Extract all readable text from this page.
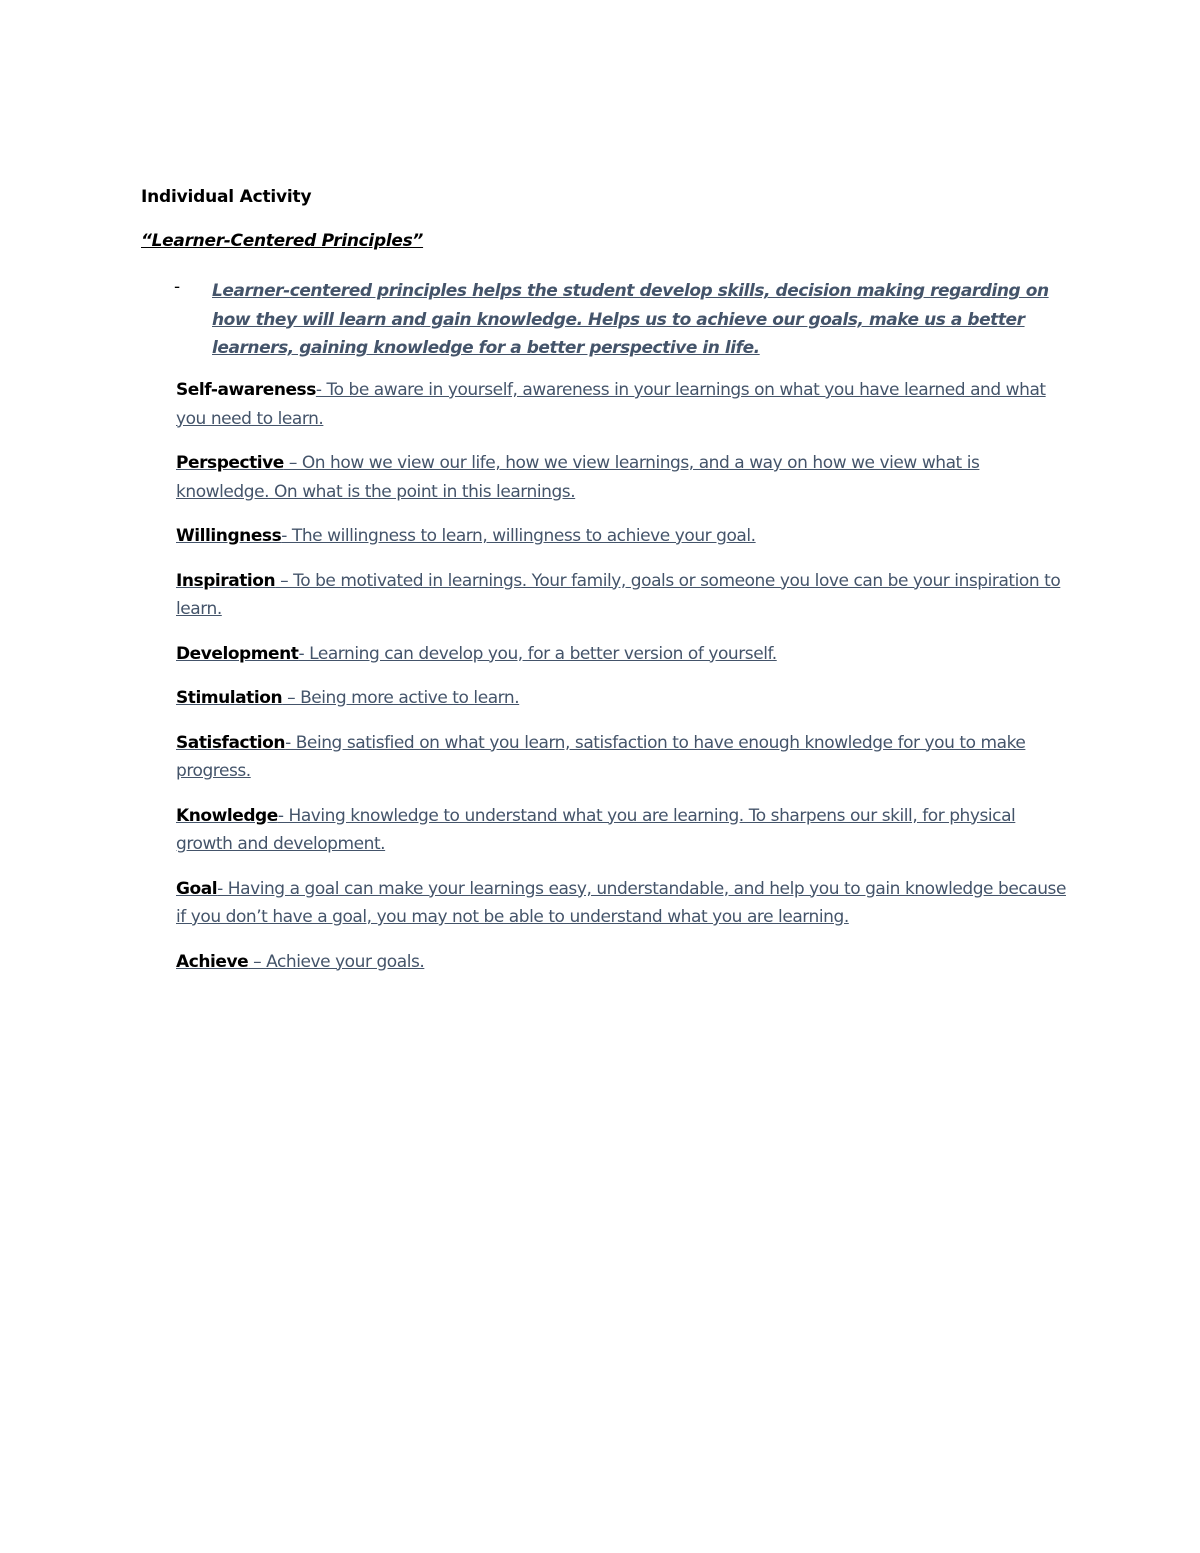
Individual Activity

“Learner-Centered Principles”

- Learner-centered principles helps the student develop skills, decision making regarding on how they will learn and gain knowledge. Helps us to achieve our goals, make us a better learners, gaining knowledge for a better perspective in life.

Self-awareness- To be aware in yourself, awareness in your learnings on what you have learned and what you need to learn.
Perspective – On how we view our life, how we view learnings, and a way on how we view what is knowledge. On what is the point in this learnings.
Willingness- The willingness to learn, willingness to achieve your goal.
Inspiration – To be motivated in learnings. Your family, goals or someone you love can be your inspiration to learn.
Development- Learning can develop you, for a better version of yourself.
Stimulation – Being more active to learn.
Satisfaction- Being satisfied on what you learn, satisfaction to have enough knowledge for you to make progress.
Knowledge- Having knowledge to understand what you are learning. To sharpens our skill, for physical growth and development.
Goal- Having a goal can make your learnings easy, understandable, and help you to gain knowledge because if you don’t have a goal, you may not be able to understand what you are learning.
Achieve – Achieve your goals.
